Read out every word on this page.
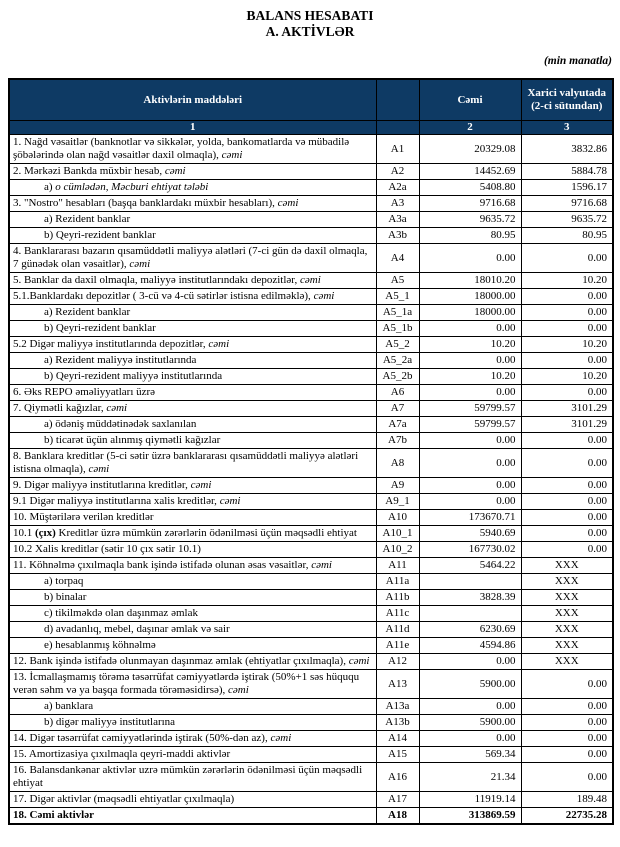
BALANS HESABATI
A. AKTİVLƏR
(min manatla)
Aktivlərin maddələri		Cəmi	Xarici valyutada (2-ci sütundan)
1		2	3
1. Nağd vəsaitlər (banknotlar və sikkələr, yolda, bankomatlarda və mübadilə şöbələrində olan nağd vəsaitlər daxil olmaqla), cəmi	A1	20329.08	3832.86
2. Mərkəzi Bankda müxbir hesab, cəmi	A2	14452.69	5884.78
a) o cümlədən, Məcburi ehtiyat tələbi	A2a	5408.80	1596.17
3. "Nostro" hesabları (başqa banklardakı müxbir hesabları), cəmi	A3	9716.68	9716.68
a) Rezident banklar	A3a	9635.72	9635.72
b) Qeyri-rezident banklar	A3b	80.95	80.95
4. Banklararası bazarın qısamüddətli maliyyə alətləri (7-ci gün də daxil olmaqla, 7 günədək olan vəsaitlər), cəmi	A4	0.00	0.00
5. Banklar da daxil olmaqla, maliyyə institutlarındakı depozitlər, cəmi	A5	18010.20	10.20
5.1.Banklardakı depozitlər ( 3-cü və 4-cü sətirlər istisna edilməklə), cəmi	A5_1	18000.00	0.00
a) Rezident banklar	A5_1a	18000.00	0.00
b) Qeyri-rezident banklar	A5_1b	0.00	0.00
5.2 Digər maliyyə institutlarında depozitlər, cəmi	A5_2	10.20	10.20
a) Rezident maliyyə institutlarında	A5_2a	0.00	0.00
b) Qeyri-rezident maliyyə institutlarında	A5_2b	10.20	10.20
6. Əks REPO əməliyyatları üzrə	A6	0.00	0.00
7. Qiymətli kağızlar, cəmi	A7	59799.57	3101.29
a) ödəniş müddətinədək saxlanılan	A7a	59799.57	3101.29
b) ticarət üçün alınmış qiymətli kağızlar	A7b	0.00	0.00
8. Banklara kreditlər (5-ci sətir üzrə banklararası qısamüddətli maliyyə alətləri istisna olmaqla), cəmi	A8	0.00	0.00
9. Digər maliyyə institutlarına kreditlər, cəmi	A9	0.00	0.00
9.1 Digər maliyyə institutlarına xalis kreditlər, cəmi	A9_1	0.00	0.00
10. Müştərilərə verilən kreditlər	A10	173670.71	0.00
10.1 (çıx) Kreditlər üzrə mümkün zərərlərin ödənilməsi üçün məqsədli ehtiyat	A10_1	5940.69	0.00
10.2 Xalis kreditlər (sətir 10 çıx sətir 10.1)	A10_2	167730.02	0.00
11. Köhnəlmə çıxılmaqla bank işində istifadə olunan əsas vəsaitlər, cəmi	A11	5464.22	XXX
a) torpaq	A11a		XXX
b) binalar	A11b	3828.39	XXX
c) tikilməkdə olan daşınmaz əmlak	A11c		XXX
d) avadanlıq, mebel, daşınar əmlak və sair	A11d	6230.69	XXX
e) hesablanmış köhnəlmə	A11e	4594.86	XXX
12. Bank işində istifadə olunmayan daşınmaz əmlak (ehtiyatlar çıxılmaqla), cəmi	A12	0.00	XXX
13. İcmallaşmamış törəmə təsərrüfat cəmiyyətlərdə iştirak (50%+1 səs hüququ verən səhm və ya başqa formada törəməsidirsə), cəmi	A13	5900.00	0.00
a) banklara	A13a	0.00	0.00
b) digər maliyyə institutlarına	A13b	5900.00	0.00
14. Digər təsərrüfat cəmiyyətlərində iştirak (50%-dən az), cəmi	A14	0.00	0.00
15. Amortizasiya çıxılmaqla qeyri-maddi aktivlər	A15	569.34	0.00
16. Balansdankənar aktivlər uzrə mümkün zərərlərin ödənilməsi üçün məqsədli ehtiyat	A16	21.34	0.00
17. Digər aktivlər (məqsədli ehtiyatlar çıxılmaqla)	A17	11919.14	189.48
18. Cəmi aktivlər	A18	313869.59	22735.28
